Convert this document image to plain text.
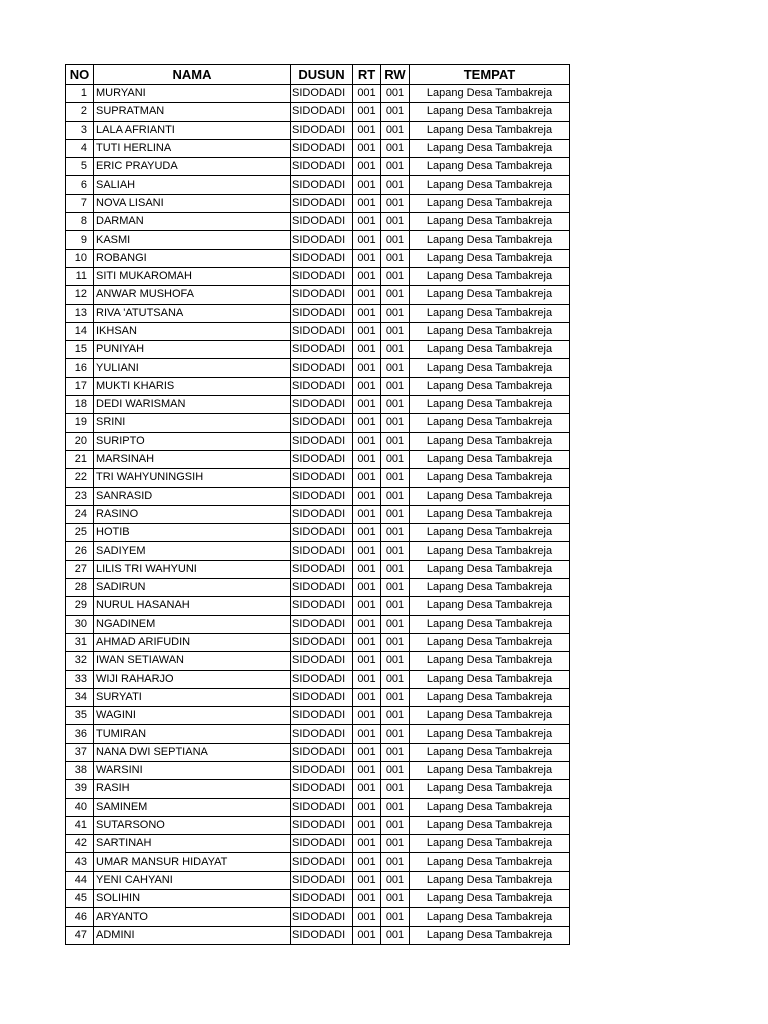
NO	NAMA	DUSUN	RT	RW	TEMPAT
1	MURYANI	SIDODADI	001	001	Lapang Desa Tambakreja
2	SUPRATMAN	SIDODADI	001	001	Lapang Desa Tambakreja
3	LALA AFRIANTI	SIDODADI	001	001	Lapang Desa Tambakreja
4	TUTI HERLINA	SIDODADI	001	001	Lapang Desa Tambakreja
5	ERIC PRAYUDA	SIDODADI	001	001	Lapang Desa Tambakreja
6	SALIAH	SIDODADI	001	001	Lapang Desa Tambakreja
7	NOVA LISANI	SIDODADI	001	001	Lapang Desa Tambakreja
8	DARMAN	SIDODADI	001	001	Lapang Desa Tambakreja
9	KASMI	SIDODADI	001	001	Lapang Desa Tambakreja
10	ROBANGI	SIDODADI	001	001	Lapang Desa Tambakreja
11	SITI MUKAROMAH	SIDODADI	001	001	Lapang Desa Tambakreja
12	ANWAR MUSHOFA	SIDODADI	001	001	Lapang Desa Tambakreja
13	RIVA 'ATUTSANA	SIDODADI	001	001	Lapang Desa Tambakreja
14	IKHSAN	SIDODADI	001	001	Lapang Desa Tambakreja
15	PUNIYAH	SIDODADI	001	001	Lapang Desa Tambakreja
16	YULIANI	SIDODADI	001	001	Lapang Desa Tambakreja
17	MUKTI KHARIS	SIDODADI	001	001	Lapang Desa Tambakreja
18	DEDI WARISMAN	SIDODADI	001	001	Lapang Desa Tambakreja
19	SRINI	SIDODADI	001	001	Lapang Desa Tambakreja
20	SURIPTO	SIDODADI	001	001	Lapang Desa Tambakreja
21	MARSINAH	SIDODADI	001	001	Lapang Desa Tambakreja
22	TRI WAHYUNINGSIH	SIDODADI	001	001	Lapang Desa Tambakreja
23	SANRASID	SIDODADI	001	001	Lapang Desa Tambakreja
24	RASINO	SIDODADI	001	001	Lapang Desa Tambakreja
25	HOTIB	SIDODADI	001	001	Lapang Desa Tambakreja
26	SADIYEM	SIDODADI	001	001	Lapang Desa Tambakreja
27	LILIS TRI WAHYUNI	SIDODADI	001	001	Lapang Desa Tambakreja
28	SADIRUN	SIDODADI	001	001	Lapang Desa Tambakreja
29	NURUL HASANAH	SIDODADI	001	001	Lapang Desa Tambakreja
30	NGADINEM	SIDODADI	001	001	Lapang Desa Tambakreja
31	AHMAD ARIFUDIN	SIDODADI	001	001	Lapang Desa Tambakreja
32	IWAN SETIAWAN	SIDODADI	001	001	Lapang Desa Tambakreja
33	WIJI RAHARJO	SIDODADI	001	001	Lapang Desa Tambakreja
34	SURYATI	SIDODADI	001	001	Lapang Desa Tambakreja
35	WAGINI	SIDODADI	001	001	Lapang Desa Tambakreja
36	TUMIRAN	SIDODADI	001	001	Lapang Desa Tambakreja
37	NANA DWI SEPTIANA	SIDODADI	001	001	Lapang Desa Tambakreja
38	WARSINI	SIDODADI	001	001	Lapang Desa Tambakreja
39	RASIH	SIDODADI	001	001	Lapang Desa Tambakreja
40	SAMINEM	SIDODADI	001	001	Lapang Desa Tambakreja
41	SUTARSONO	SIDODADI	001	001	Lapang Desa Tambakreja
42	SARTINAH	SIDODADI	001	001	Lapang Desa Tambakreja
43	UMAR MANSUR HIDAYAT	SIDODADI	001	001	Lapang Desa Tambakreja
44	YENI CAHYANI	SIDODADI	001	001	Lapang Desa Tambakreja
45	SOLIHIN	SIDODADI	001	001	Lapang Desa Tambakreja
46	ARYANTO	SIDODADI	001	001	Lapang Desa Tambakreja
47	ADMINI	SIDODADI	001	001	Lapang Desa Tambakreja
